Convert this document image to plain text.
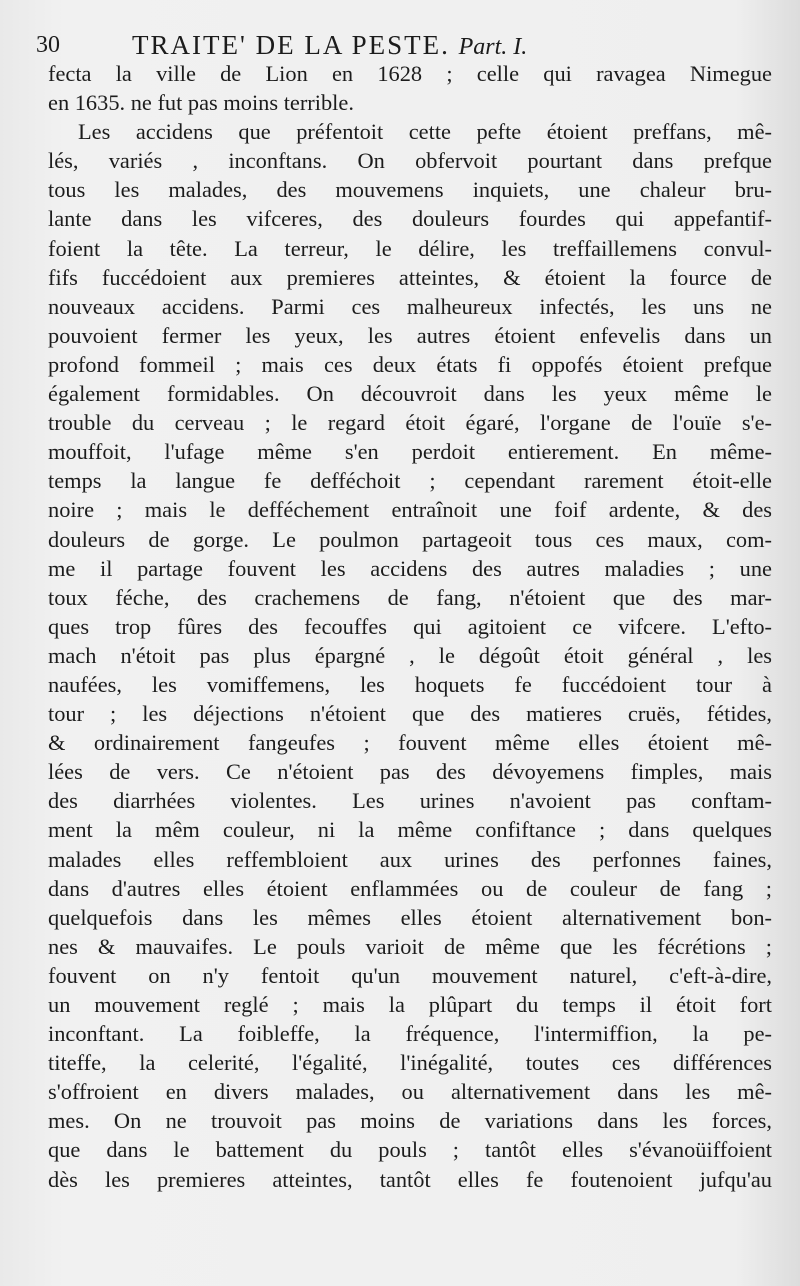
30	TRAITE' DE LA PESTE. Part. I.
fecta la ville de Lion en 1628 ; celle qui ravagea Nimegue
en 1635. ne fut pas moins terrible.
Les accidens que préfentoit cette pefte étoient preffans, mê-
lés, variés , inconftans. On obfervoit pourtant dans prefque
tous les malades, des mouvemens inquiets, une chaleur bru-
lante dans les vifceres, des douleurs fourdes qui appefantif-
foient la tête. La terreur, le délire, les treffaillemens convul-
fifs fuccédoient aux premieres atteintes, & étoient la fource de
nouveaux accidens. Parmi ces malheureux infectés, les uns ne
pouvoient fermer les yeux, les autres étoient enfevelis dans un
profond fommeil ; mais ces deux états fi oppofés étoient prefque
également formidables. On découvroit dans les yeux même le
trouble du cerveau ; le regard étoit égaré, l'organe de l'ouïe s'e-
mouffoit, l'ufage même s'en perdoit entierement. En même-
temps la langue fe defféchoit ; cependant rarement étoit-elle
noire ; mais le defféchement entraînoit une foif ardente, & des
douleurs de gorge. Le poulmon partageoit tous ces maux, com-
me il partage fouvent les accidens des autres maladies ; une
toux féche, des crachemens de fang, n'étoient que des mar-
ques trop fûres des fecouffes qui agitoient ce vifcere. L'efto-
mach n'étoit pas plus épargné , le dégoût étoit général , les
naufées, les vomiffemens, les hoquets fe fuccédoient tour à
tour ; les déjections n'étoient que des matieres cruës, fétides,
& ordinairement fangeufes ; fouvent même elles étoient mê-
lées de vers. Ce n'étoient pas des dévoyemens fimples, mais
des diarrhées violentes. Les urines n'avoient pas conftam-
ment la mêm couleur, ni la même confiftance ; dans quelques
malades elles reffembloient aux urines des perfonnes faines,
dans d'autres elles étoient enflammées ou de couleur de fang ;
quelquefois dans les mêmes elles étoient alternativement bon-
nes & mauvaifes. Le pouls varioit de même que les fécrétions ;
fouvent on n'y fentoit qu'un mouvement naturel, c'eft-à-dire,
un mouvement reglé ; mais la plûpart du temps il étoit fort
inconftant. La foibleffe, la fréquence, l'intermiffion, la pe-
titeffe, la celerité, l'égalité, l'inégalité, toutes ces différences
s'offroient en divers malades, ou alternativement dans les mê-
mes. On ne trouvoit pas moins de variations dans les forces,
que dans le battement du pouls ; tantôt elles s'évanoüiffoient
dès les premieres atteintes, tantôt elles fe foutenoient jufqu'au
